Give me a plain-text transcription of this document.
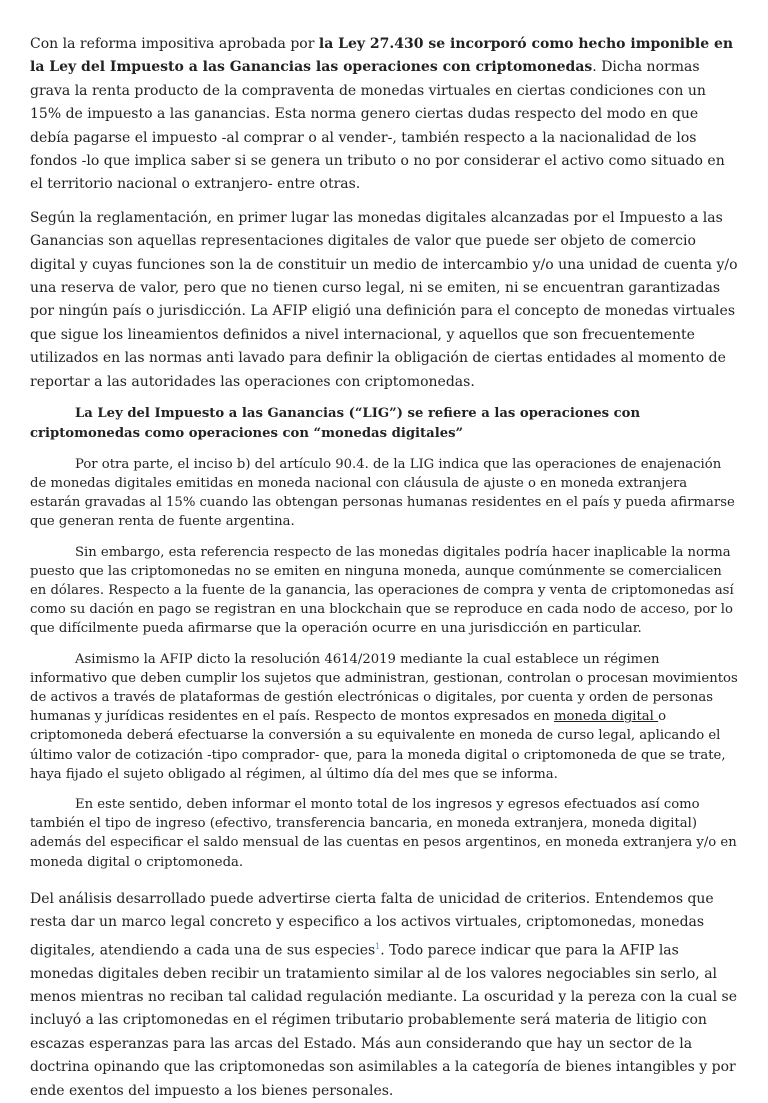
Con la reforma impositiva aprobada por la Ley 27.430 se incorporó como hecho imponible en la Ley del Impuesto a las Ganancias las operaciones con criptomonedas. Dicha normas grava la renta producto de la compraventa de monedas virtuales en ciertas condiciones con un 15% de impuesto a las ganancias. Esta norma genero ciertas dudas respecto del modo en que debía pagarse el impuesto -al comprar o al vender-, también respecto a la nacionalidad de los fondos -lo que implica saber si se genera un tributo o no por considerar el activo como situado en el territorio nacional o extranjero- entre otras.

Según la reglamentación, en primer lugar las monedas digitales alcanzadas por el Impuesto a las Ganancias son aquellas representaciones digitales de valor que puede ser objeto de comercio digital y cuyas funciones son la de constituir un medio de intercambio y/o una unidad de cuenta y/o una reserva de valor, pero que no tienen curso legal, ni se emiten, ni se encuentran garantizadas por ningún país o jurisdicción. La AFIP eligió una definición para el concepto de monedas virtuales que sigue los lineamientos definidos a nivel internacional, y aquellos que son frecuentemente utilizados en las normas anti lavado para definir la obligación de ciertas entidades al momento de reportar a las autoridades las operaciones con criptomonedas.

La Ley del Impuesto a las Ganancias (“LIG”) se refiere a las operaciones con criptomonedas como operaciones con “monedas digitales”

Por otra parte, el inciso b) del artículo 90.4. de la LIG indica que las operaciones de enajenación de monedas digitales emitidas en moneda nacional con cláusula de ajuste o en moneda extranjera estarán gravadas al 15% cuando las obtengan personas humanas residentes en el país y pueda afirmarse que generan renta de fuente argentina.

Sin embargo, esta referencia respecto de las monedas digitales podría hacer inaplicable la norma puesto que las criptomonedas no se emiten en ninguna moneda, aunque comúnmente se comercialicen en dólares. Respecto a la fuente de la ganancia, las operaciones de compra y venta de criptomonedas así como su dación en pago se registran en una blockchain que se reproduce en cada nodo de acceso, por lo que difícilmente pueda afirmarse que la operación ocurre en una jurisdicción en particular.

Asimismo la AFIP dicto la resolución 4614/2019 mediante la cual establece un régimen informativo que deben cumplir los sujetos que administran, gestionan, controlan o procesan movimientos de activos a través de plataformas de gestión electrónicas o digitales, por cuenta y orden de personas humanas y jurídicas residentes en el país. Respecto de montos expresados en moneda digital o criptomoneda deberá efectuarse la conversión a su equivalente en moneda de curso legal, aplicando el último valor de cotización -tipo comprador- que, para la moneda digital o criptomoneda de que se trate, haya fijado el sujeto obligado al régimen, al último día del mes que se informa.

En este sentido, deben informar el monto total de los ingresos y egresos efectuados así como también el tipo de ingreso (efectivo, transferencia bancaria, en moneda extranjera, moneda digital) además del especificar el saldo mensual de las cuentas en pesos argentinos, en moneda extranjera y/o en moneda digital o criptomoneda.

Del análisis desarrollado puede advertirse cierta falta de unicidad de criterios. Entendemos que resta dar un marco legal concreto y especifico a los activos virtuales, criptomonedas, monedas digitales, atendiendo a cada una de sus especies$^1$. Todo parece indicar que para la AFIP las monedas digitales deben recibir un tratamiento similar al de los valores negociables sin serlo, al menos mientras no reciban tal calidad regulación mediante. La oscuridad y la pereza con la cual se incluyó a las criptomonedas en el régimen tributario probablemente será materia de litigio con escazas esperanzas para las arcas del Estado. Más aun considerando que hay un sector de la doctrina opinando que las criptomonedas son asimilables a la categoría de bienes intangibles y por ende exentos del impuesto a los bienes personales.
